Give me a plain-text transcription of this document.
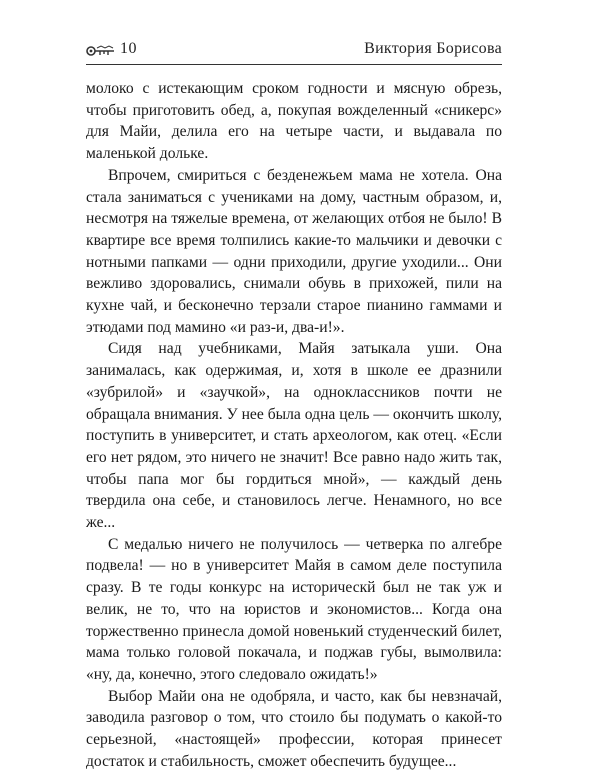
10	Виктория Борисова

молоко с истекающим сроком годности и мясную обрезь, чтобы приготовить обед, а, покупая вожделенный «сникерс» для Майи, делила его на четыре части, и выдавала по маленькой дольке.

Впрочем, смириться с безденежьем мама не хотела. Она стала заниматься с учениками на дому, частным образом, и, несмотря на тяжелые времена, от желающих отбоя не было! В квартире все время толпились какие-то мальчики и девочки с нотными папками — одни приходили, другие уходили... Они вежливо здоровались, снимали обувь в прихожей, пили на кухне чай, и бесконечно терзали старое пианино гаммами и этюдами под мамино «и раз-и, два-и!».

Сидя над учебниками, Майя затыкала уши. Она занималась, как одержимая, и, хотя в школе ее дразнили «зубрилой» и «заучкой», на одноклассников почти не обращала внимания. У нее была одна цель — окончить школу, поступить в университет, и стать археологом, как отец. «Если его нет рядом, это ничего не значит! Все равно надо жить так, чтобы папа мог бы гордиться мной», — каждый день твердила она себе, и становилось легче. Ненамного, но все же...

С медалью ничего не получилось — четверка по алгебре подвела! — но в университет Майя в самом деле поступила сразу. В те годы конкурс на историческй был не так уж и велик, не то, что на юристов и экономистов... Когда она торжественно принесла домой новенький студенческий билет, мама только головой покачала, и поджав губы, вымолвила: «ну, да, конечно, этого следовало ожидать!»

Выбор Майи она не одобряла, и часто, как бы невзначай, заводила разговор о том, что стоило бы подумать о какой-то серьезной, «настоящей» профессии, которая принесет достаток и стабильность, сможет обеспечить будущее...
